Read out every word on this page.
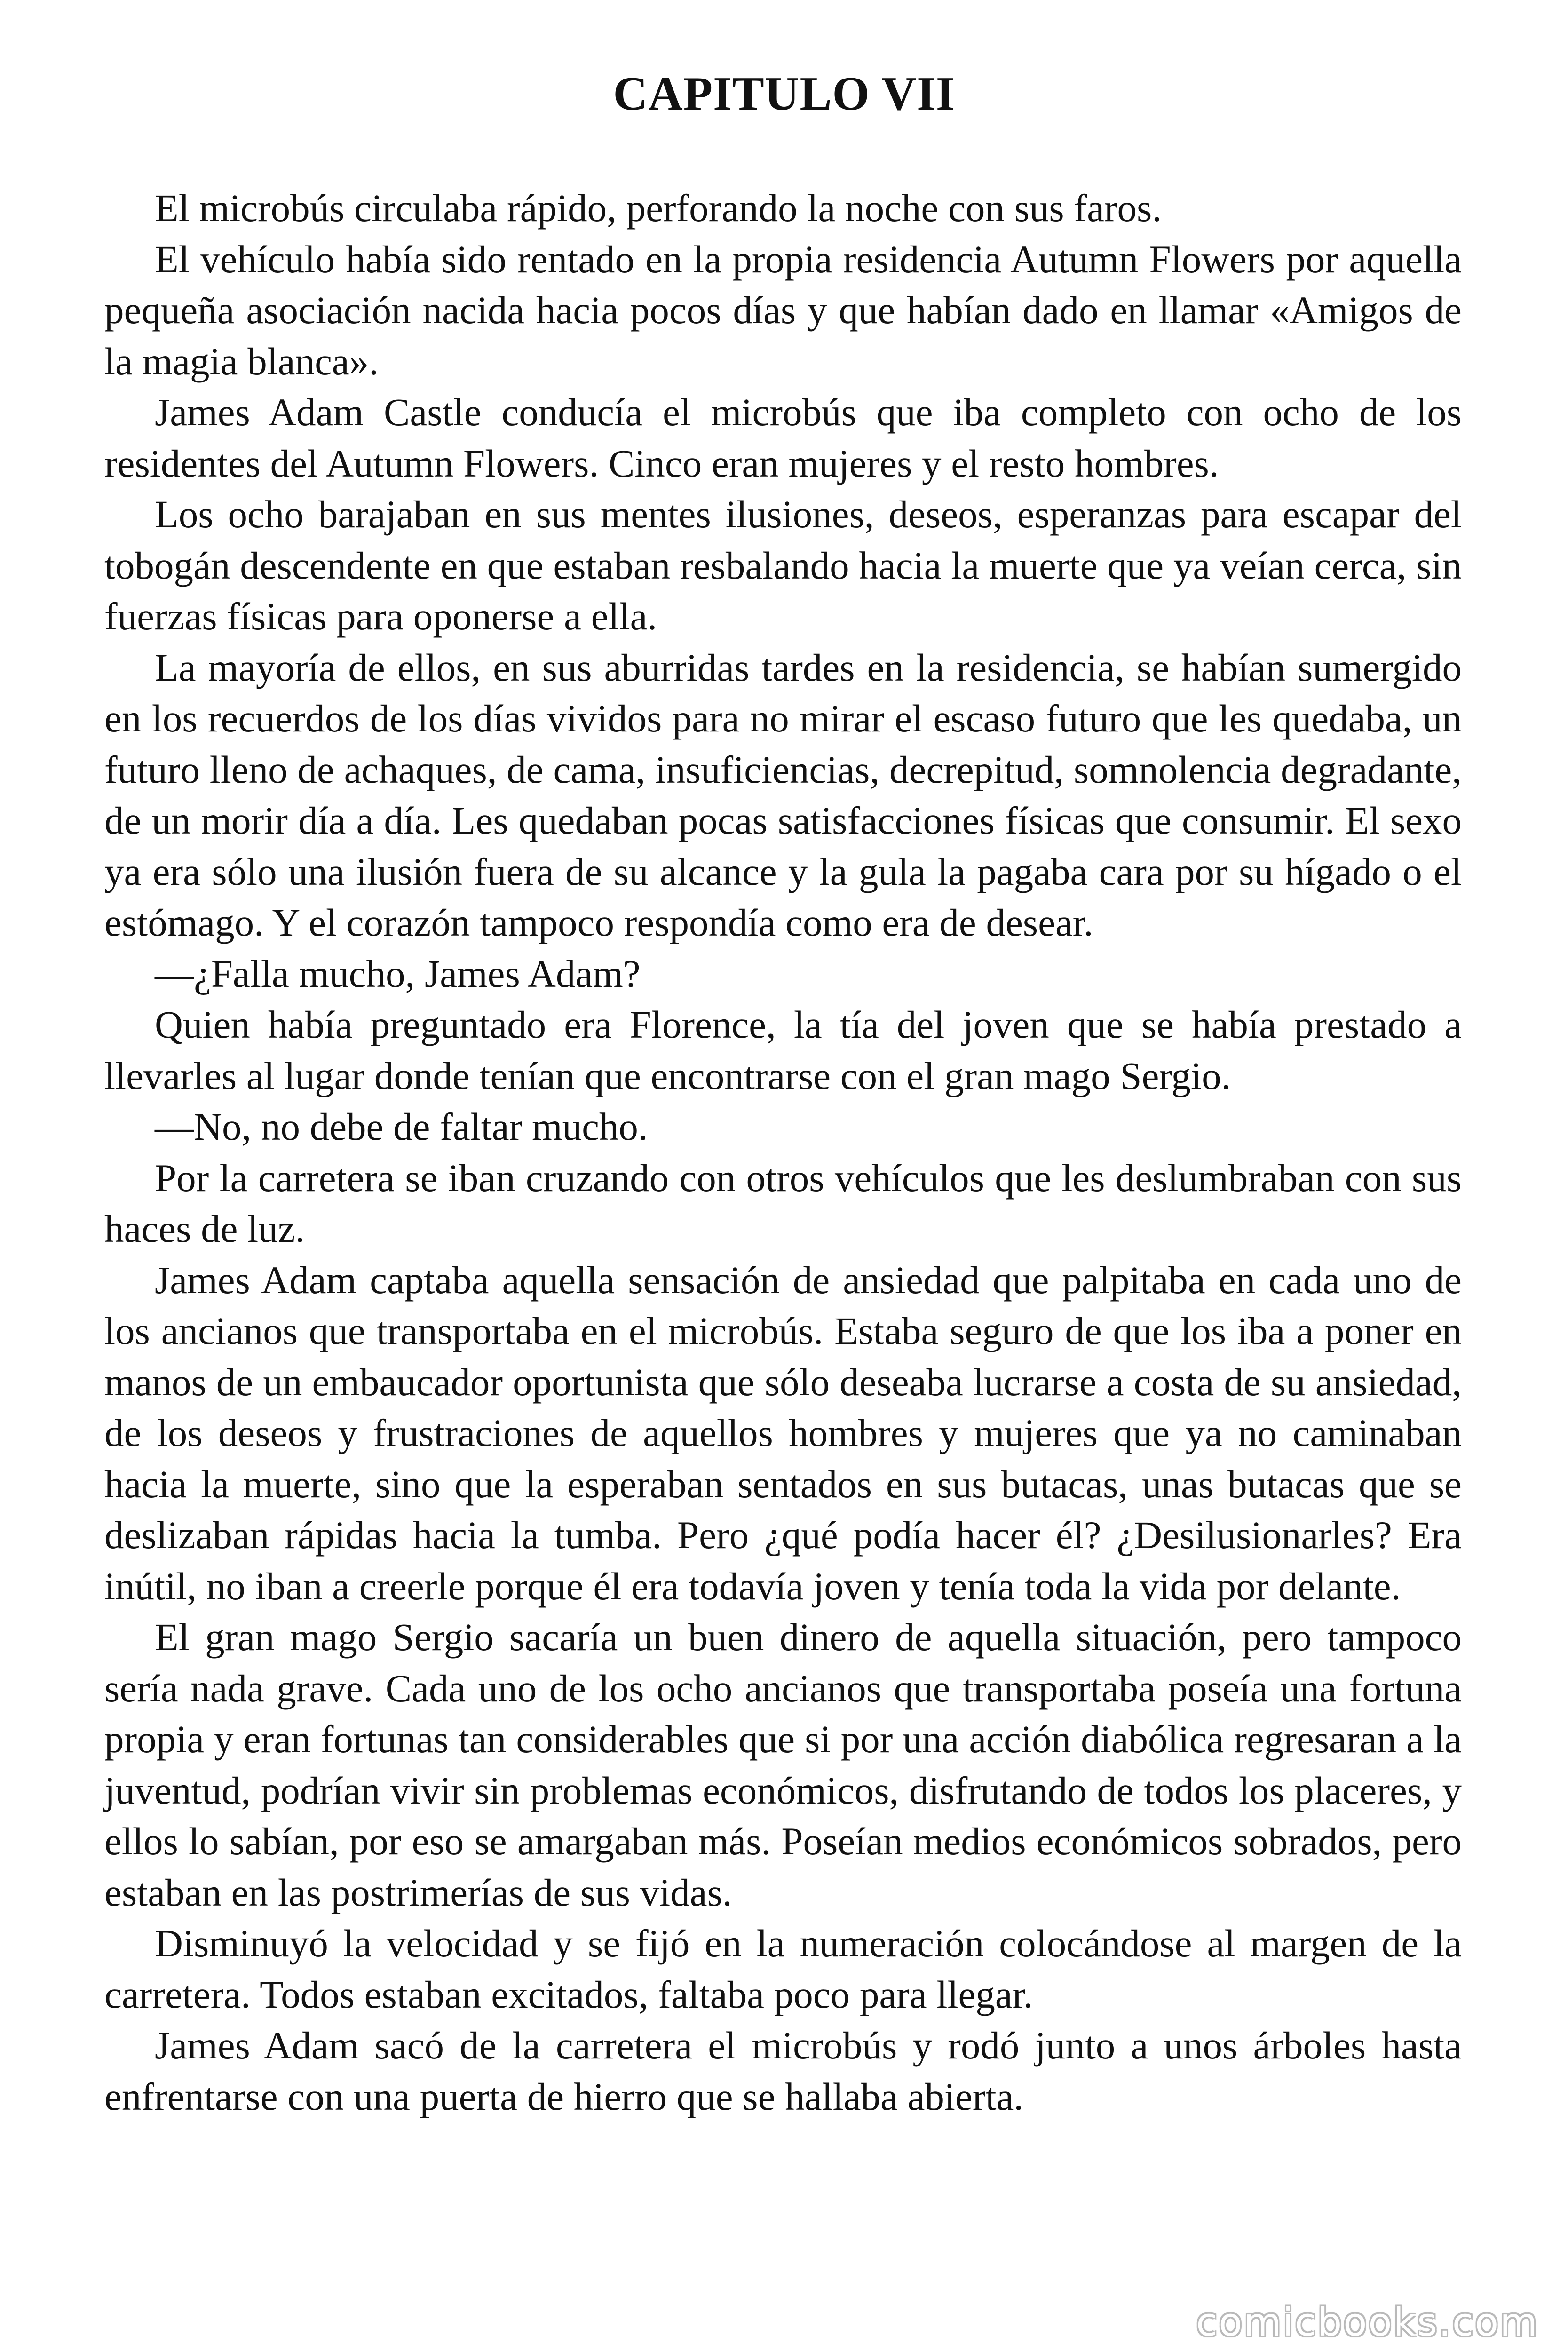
CAPITULO VII

El microbús circulaba rápido, perforando la noche con sus faros.

El vehículo había sido rentado en la propia residencia Autumn Flowers por aquella pequeña asociación nacida hacia pocos días y que habían dado en llamar «Amigos de la magia blanca».

James Adam Castle conducía el microbús que iba completo con ocho de los residentes del Autumn Flowers. Cinco eran mujeres y el resto hombres.

Los ocho barajaban en sus mentes ilusiones, deseos, esperanzas para escapar del tobogán descendente en que estaban resbalando hacia la muerte que ya veían cerca, sin fuerzas físicas para oponerse a ella.

La mayoría de ellos, en sus aburridas tardes en la residencia, se habían sumergido en los recuerdos de los días vividos para no mirar el escaso futuro que les quedaba, un futuro lleno de achaques, de cama, insuficiencias, decrepitud, somnolencia degradante, de un morir día a día. Les quedaban pocas satisfacciones físicas que consumir. El sexo ya era sólo una ilusión fuera de su alcance y la gula la pagaba cara por su hígado o el estómago. Y el corazón tampoco respondía como era de desear.

—¿Falla mucho, James Adam?

Quien había preguntado era Florence, la tía del joven que se había prestado a llevarles al lugar donde tenían que encontrarse con el gran mago Sergio.

—No, no debe de faltar mucho.

Por la carretera se iban cruzando con otros vehículos que les deslumbraban con sus haces de luz.

James Adam captaba aquella sensación de ansiedad que palpitaba en cada uno de los ancianos que transportaba en el microbús. Estaba seguro de que los iba a poner en manos de un embaucador oportunista que sólo deseaba lucrarse a costa de su ansiedad, de los deseos y frustraciones de aquellos hombres y mujeres que ya no caminaban hacia la muerte, sino que la esperaban sentados en sus butacas, unas butacas que se deslizaban rápidas hacia la tumba. Pero ¿qué podía hacer él? ¿Desilusionarles? Era inútil, no iban a creerle porque él era todavía joven y tenía toda la vida por delante.

El gran mago Sergio sacaría un buen dinero de aquella situación, pero tampoco sería nada grave. Cada uno de los ocho ancianos que transportaba poseía una fortuna propia y eran fortunas tan considerables que si por una acción diabólica regresaran a la juventud, podrían vivir sin problemas económicos, disfrutando de todos los placeres, y ellos lo sabían, por eso se amargaban más. Poseían medios económicos sobrados, pero estaban en las postrimerías de sus vidas.

Disminuyó la velocidad y se fijó en la numeración colocándose al margen de la carretera. Todos estaban excitados, faltaba poco para llegar.

James Adam sacó de la carretera el microbús y rodó junto a unos árboles hasta enfrentarse con una puerta de hierro que se hallaba abierta.

comicbooks.com
